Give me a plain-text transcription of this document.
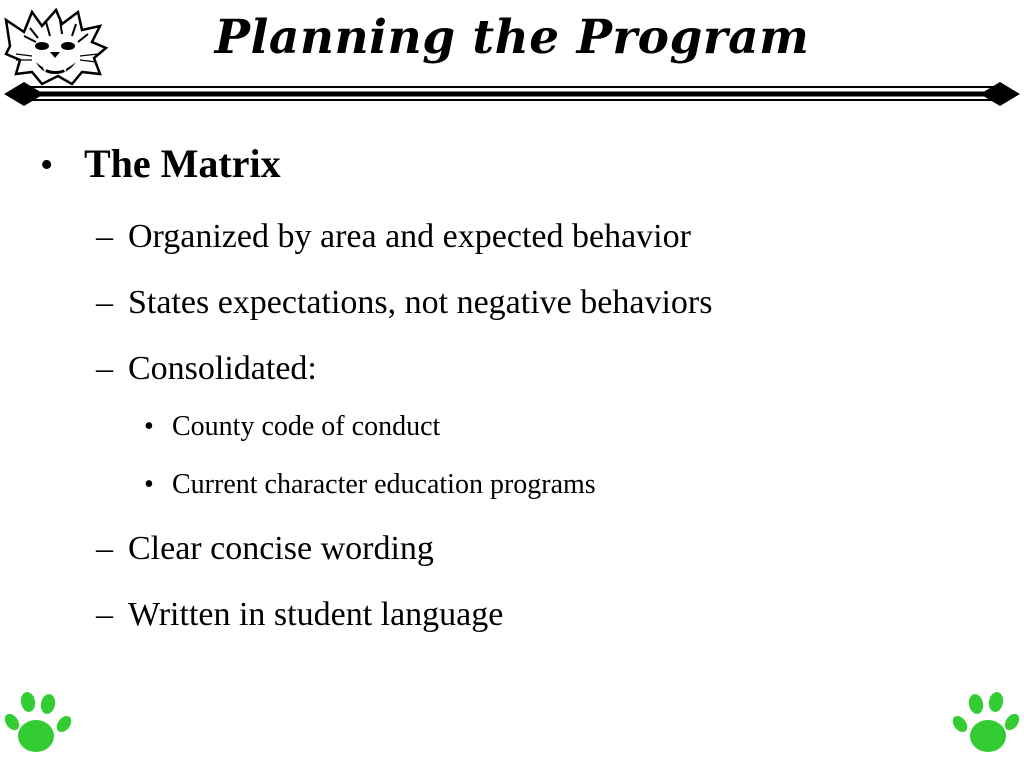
Planning the Program
• The Matrix
– Organized by area and expected behavior
– States expectations, not negative behaviors
– Consolidated:
• County code of conduct
• Current character education programs
– Clear concise wording
– Written in student language
